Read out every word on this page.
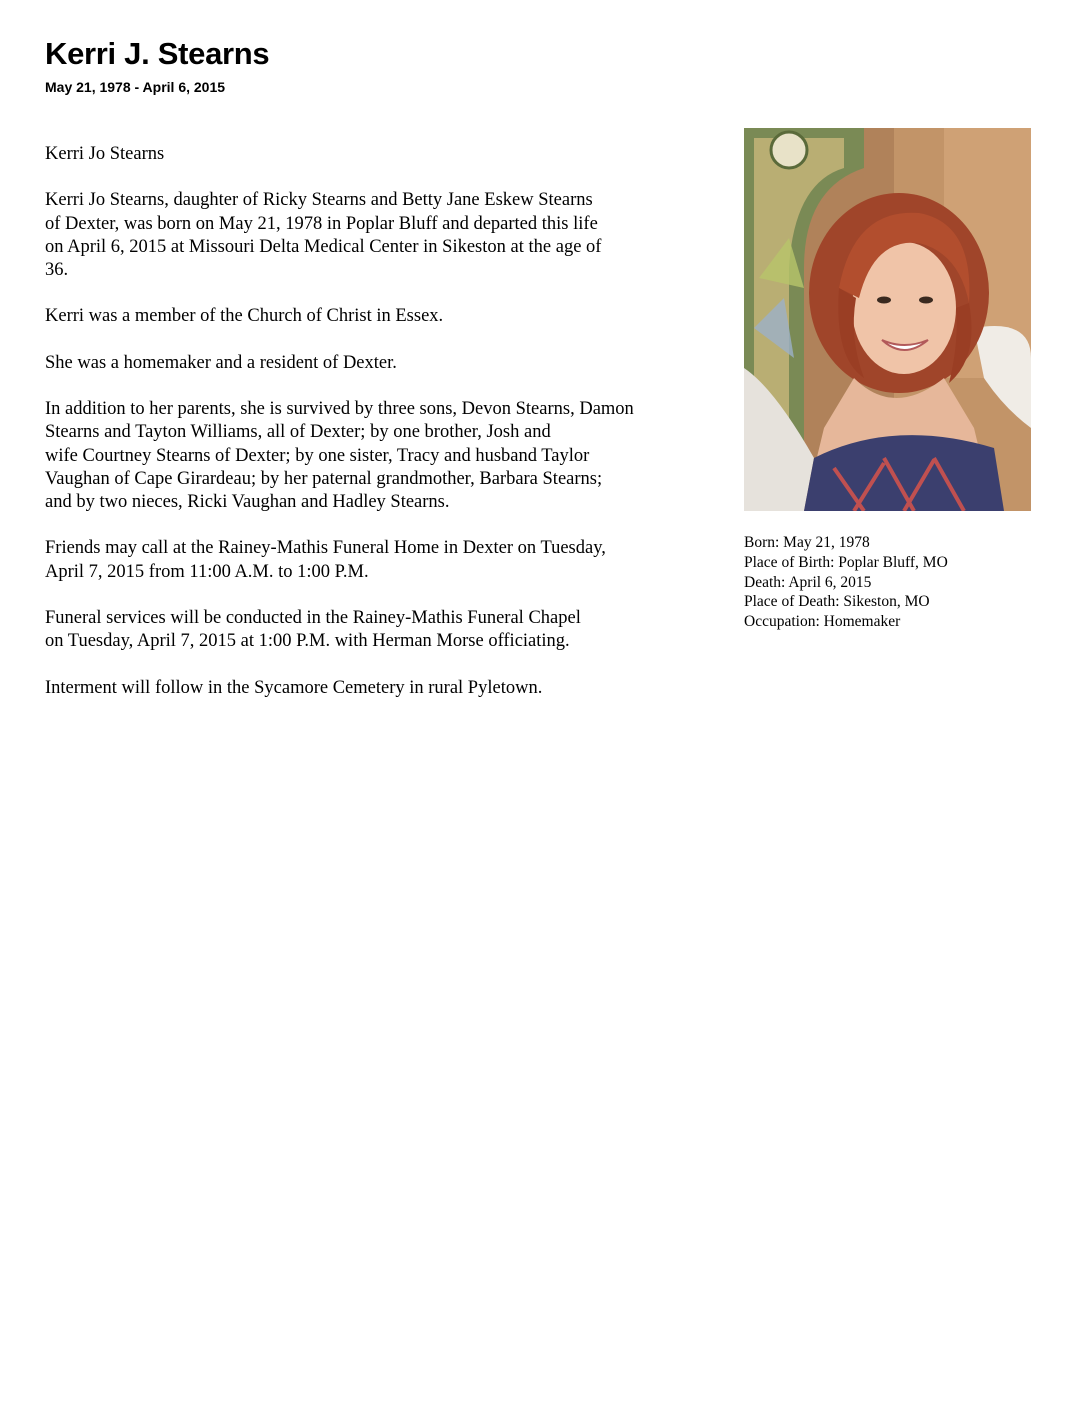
Kerri J. Stearns
May 21, 1978 - April 6, 2015

Kerri Jo Stearns

Kerri Jo Stearns, daughter of Ricky Stearns and Betty Jane Eskew Stearns
of Dexter, was born on May 21, 1978 in Poplar Bluff and departed this life
on April 6, 2015 at Missouri Delta Medical Center in Sikeston at the age of
36.

Kerri was a member of the Church of Christ in Essex.

She was a homemaker and a resident of Dexter.

In addition to her parents, she is survived by three sons, Devon Stearns, Damon
Stearns and Tayton Williams, all of Dexter; by one brother, Josh and
wife Courtney Stearns of Dexter; by one sister, Tracy and husband Taylor
Vaughan of Cape Girardeau; by her paternal grandmother, Barbara Stearns;
and by two nieces, Ricki Vaughan and Hadley Stearns.

Friends may call at the Rainey-Mathis Funeral Home in Dexter on Tuesday,
April 7, 2015 from 11:00 A.M. to 1:00 P.M.

Funeral services will be conducted in the Rainey-Mathis Funeral Chapel
on Tuesday, April 7, 2015 at 1:00 P.M. with Herman Morse officiating.

Interment will follow in the Sycamore Cemetery in rural Pyletown.

Born: May 21, 1978
Place of Birth: Poplar Bluff, MO
Death: April 6, 2015
Place of Death: Sikeston, MO
Occupation: Homemaker
